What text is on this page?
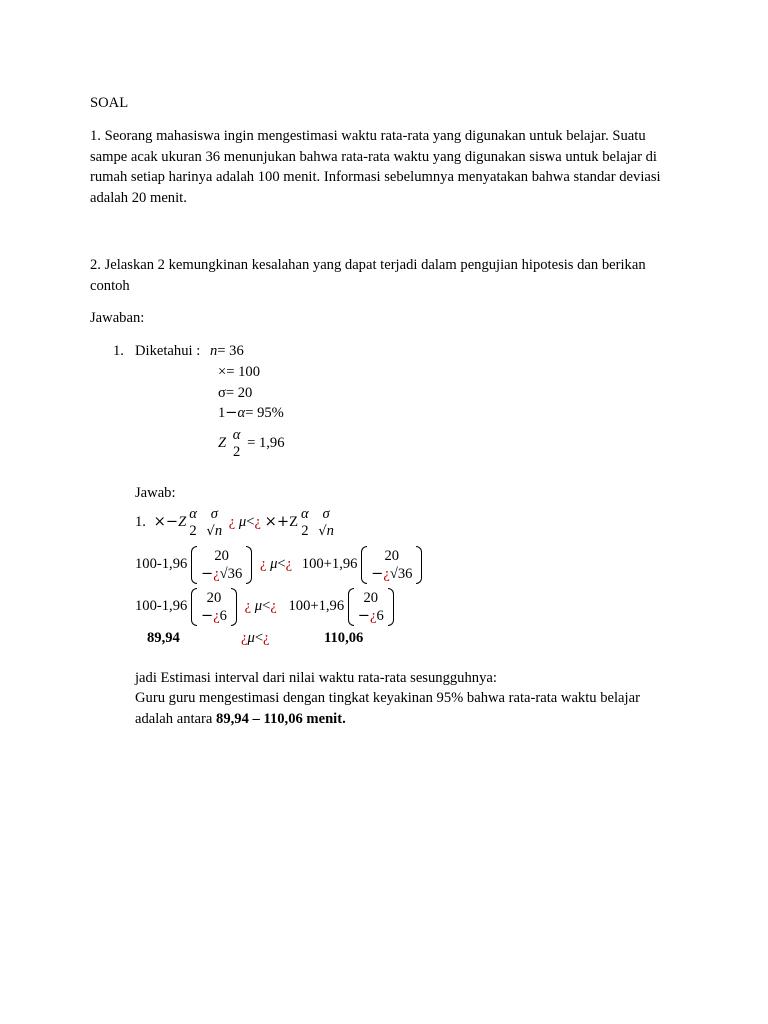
SOAL
1. Seorang mahasiswa ingin mengestimasi waktu rata-rata yang digunakan untuk belajar. Suatu sampe acak ukuran 36 menunjukan bahwa rata-rata waktu yang digunakan siswa untuk belajar di rumah setiap harinya adalah 100 menit. Informasi sebelumnya menyatakan bahwa standar deviasi adalah 20 menit.
2. Jelaskan 2 kemungkinan kesalahan yang dapat terjadi dalam pengujian hipotesis dan berikan contoh
Jawaban:
1. Diketahui : n= 36
×= 100
σ= 20
1−α= 95%
Z
α
2
= 1,96
Jawab:
1. ×−Z
α
2

σ
√n
¿ μ<¿ ×+Z
α
2

σ
√n
100-1,96
20
−¿√36
¿ μ<¿ 100+1,96
20
−¿√36
100-1,96
20
−¿6
¿ μ<¿ 100+1,96
20
−¿6
89,94	¿μ<¿	110,06
jadi Estimasi interval dari nilai waktu rata-rata sesungguhnya:
Guru guru mengestimasi dengan tingkat keyakinan 95% bahwa rata-rata waktu belajar adalah antara 89,94 – 110,06 menit.
